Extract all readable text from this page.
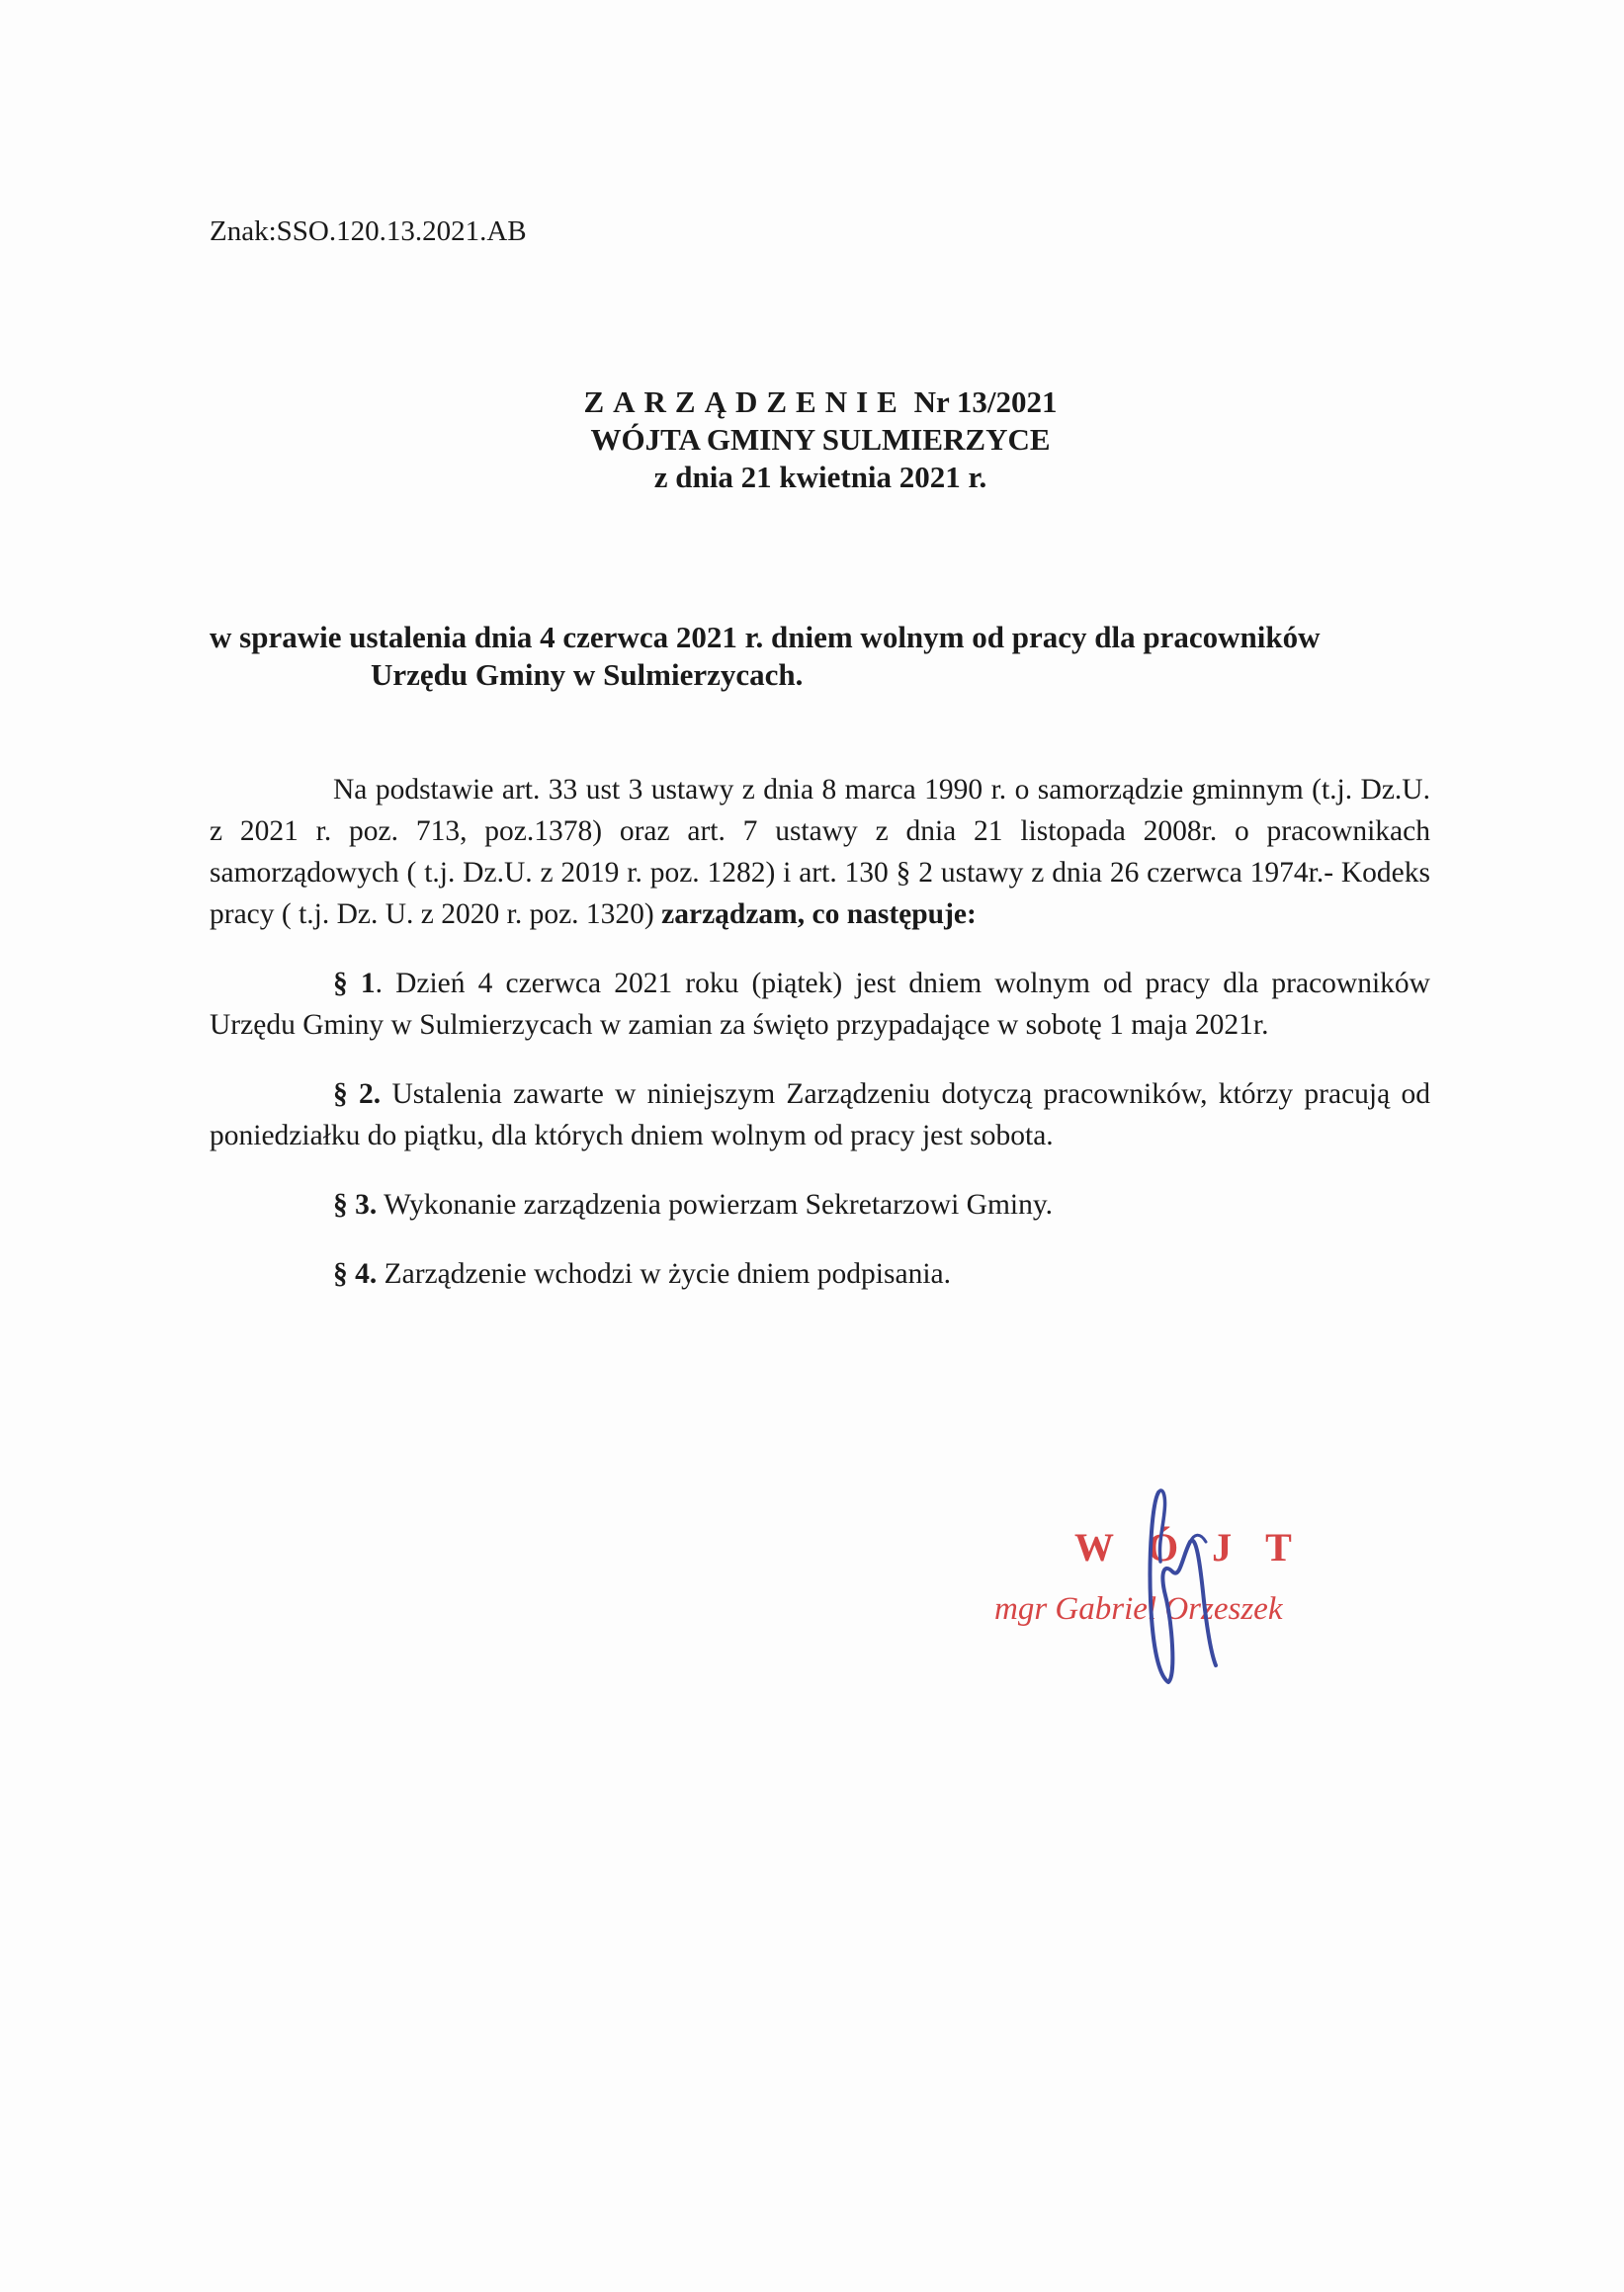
Znak:SSO.120.13.2021.AB
ZARZĄDZENIE Nr 13/2021
WÓJTA GMINY SULMIERZYCE
z dnia 21 kwietnia 2021 r.
w sprawie ustalenia dnia 4 czerwca 2021 r. dniem wolnym od pracy dla pracowników
Urzędu Gminy w Sulmierzycach.

Na podstawie art. 33 ust 3 ustawy z dnia 8 marca 1990 r. o samorządzie gminnym (t.j. Dz.U. z 2021 r. poz. 713, poz.1378) oraz art. 7 ustawy z dnia 21 listopada 2008r. o pracownikach samorządowych ( t.j. Dz.U. z 2019 r. poz. 1282) i art. 130 § 2 ustawy z dnia 26 czerwca 1974r.- Kodeks pracy ( t.j. Dz. U. z 2020 r. poz. 1320) zarządzam, co następuje:

§ 1. Dzień 4 czerwca 2021 roku (piątek) jest dniem wolnym od pracy dla pracowników Urzędu Gminy w Sulmierzycach w zamian za święto przypadające w sobotę 1 maja 2021r.

§ 2. Ustalenia zawarte w niniejszym Zarządzeniu dotyczą pracowników, którzy pracują od poniedziałku do piątku, dla których dniem wolnym od pracy jest sobota.

§ 3. Wykonanie zarządzenia powierzam Sekretarzowi Gminy.

§ 4. Zarządzenie wchodzi w życie dniem podpisania.

WÓJT
mgr Gabriel Orzeszek
